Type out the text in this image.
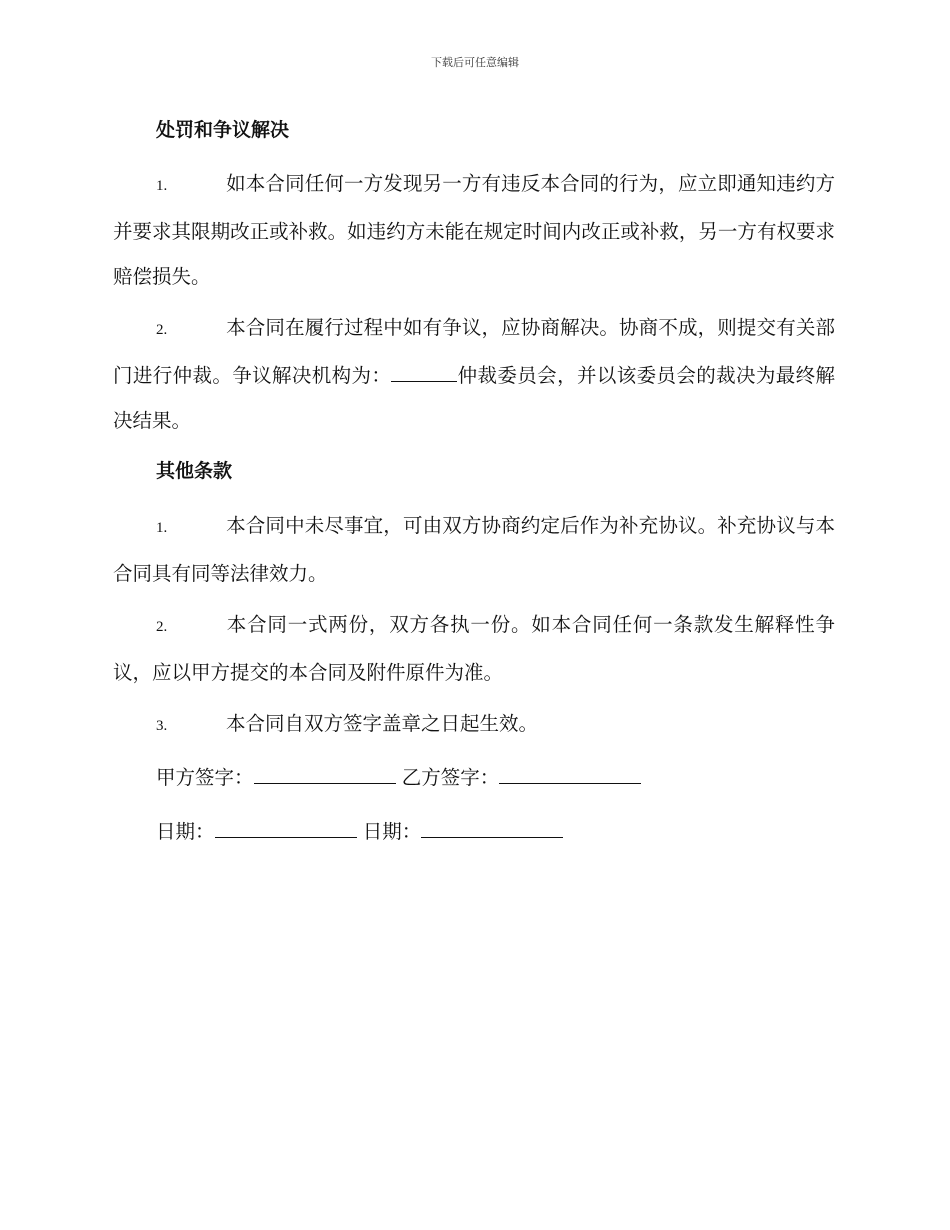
下载后可任意编辑
处罚和争议解决
1.	如本合同任何一方发现另一方有违反本合同的行为，应立即通知违约方并要求其限期改正或补救。如违约方未能在规定时间内改正或补救，另一方有权要求赔偿损失。
2.	本合同在履行过程中如有争议，应协商解决。协商不成，则提交有关部门进行仲裁。争议解决机构为：	仲裁委员会，并以该委员会的裁决为最终解决结果。
其他条款
1.	本合同中未尽事宜，可由双方协商约定后作为补充协议。补充协议与本合同具有同等法律效力。
2.	本合同一式两份，双方各执一份。如本合同任何一条款发生解释性争议，应以甲方提交的本合同及附件原件为准。
3.	本合同自双方签字盖章之日起生效。
甲方签字：	乙方签字：
日期：	日期：
